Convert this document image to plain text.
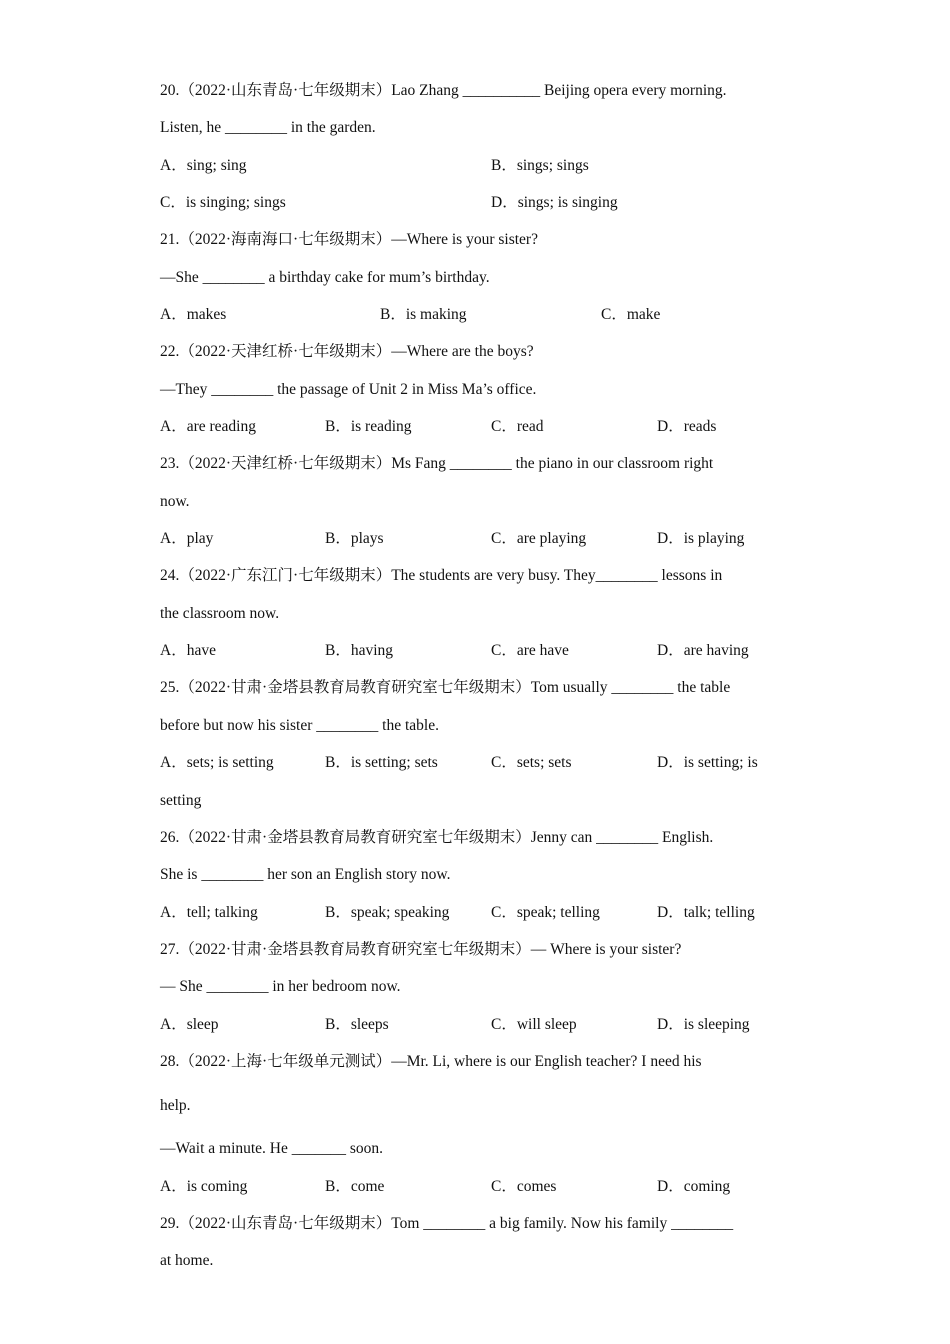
20.（2022·山东青岛·七年级期末）Lao Zhang __________ Beijing opera every morning.
Listen, he ________ in the garden.
A．sing; sing	B．sings; sings
C．is singing; sings	D．sings; is singing
21.（2022·海南海口·七年级期末）—Where is your sister?
—She ________ a birthday cake for mum’s birthday.
A．makes	B．is making	C．make
22.（2022·天津红桥·七年级期末）—Where are the boys?
—They ________ the passage of Unit 2 in Miss Ma’s office.
A．are reading	B．is reading	C．read	D．reads
23.（2022·天津红桥·七年级期末）Ms Fang ________ the piano in our classroom right
now.
A．play	B．plays	C．are playing	D．is playing
24.（2022·广东江门·七年级期末）The students are very busy. They________ lessons in
the classroom now.
A．have	B．having	C．are have	D．are having
25.（2022·甘肃·金塔县教育局教育研究室七年级期末）Tom usually ________ the table
before but now his sister ________ the table.
A．sets; is setting	B．is setting; sets	C．sets; sets	D．is setting; is
setting
26.（2022·甘肃·金塔县教育局教育研究室七年级期末）Jenny can ________ English.
She is ________ her son an English story now.
A．tell; talking	B．speak; speaking	C．speak; telling	D．talk; telling
27.（2022·甘肃·金塔县教育局教育研究室七年级期末）— Where is your sister?
— She ________ in her bedroom now.
A．sleep	B．sleeps	C．will sleep	D．is sleeping
28.（2022·上海·七年级单元测试）—Mr. Li, where is our English teacher? I need his
help.
—Wait a minute. He _______ soon.
A．is coming	B．come	C．comes	D．coming
29.（2022·山东青岛·七年级期末）Tom ________ a big family. Now his family ________
at home.
